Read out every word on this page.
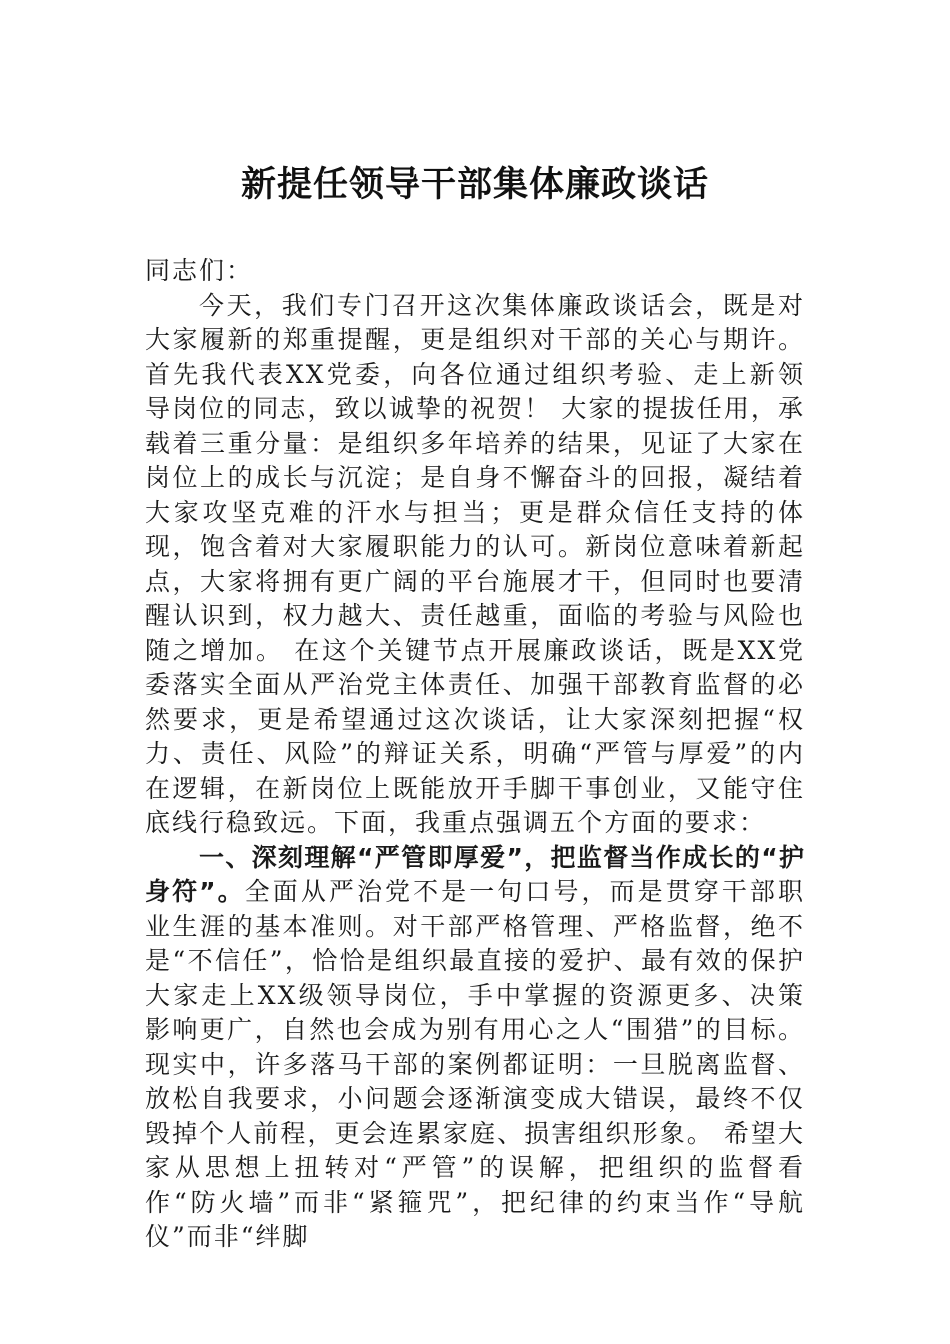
新提任领导干部集体廉政谈话

同志们：

今天，我们专门召开这次集体廉政谈话会，既是对大家履新的郑重提醒，更是组织对干部的关心与期许。首先我代表XX党委，向各位通过组织考验、走上新领导岗位的同志，致以诚挚的祝贺！ 大家的提拔任用，承载着三重分量：是组织多年培养的结果，见证了大家在岗位上的成长与沉淀；是自身不懈奋斗的回报，凝结着大家攻坚克难的汗水与担当；更是群众信任支持的体现，饱含着对大家履职能力的认可。新岗位意味着新起点，大家将拥有更广阔的平台施展才干，但同时也要清醒认识到，权力越大、责任越重，面临的考验与风险也随之增加。 在这个关键节点开展廉政谈话，既是XX党委落实全面从严治党主体责任、加强干部教育监督的必然要求，更是希望通过这次谈话，让大家深刻把握“权力、责任、风险”的辩证关系，明确“严管与厚爱”的内在逻辑，在新岗位上既能放开手脚干事创业，又能守住底线行稳致远。下面，我重点强调五个方面的要求：

一、深刻理解“严管即厚爱”，把监督当作成长的“护身符”。全面从严治党不是一句口号，而是贯穿干部职业生涯的基本准则。对干部严格管理、严格监督，绝不是“不信任”，恰恰是组织最直接的爱护、最有效的保护大家走上XX级领导岗位，手中掌握的资源更多、决策影响更广，自然也会成为别有用心之人“围猎”的目标。现实中，许多落马干部的案例都证明：一旦脱离监督、放松自我要求，小问题会逐渐演变成大错误，最终不仅毁掉个人前程，更会连累家庭、损害组织形象。 希望大家从思想上扭转对“严管”的误解，把组织的监督看作“防火墙”而非“紧箍咒”，把纪律的约束当作“导航仪”而非“绊脚
